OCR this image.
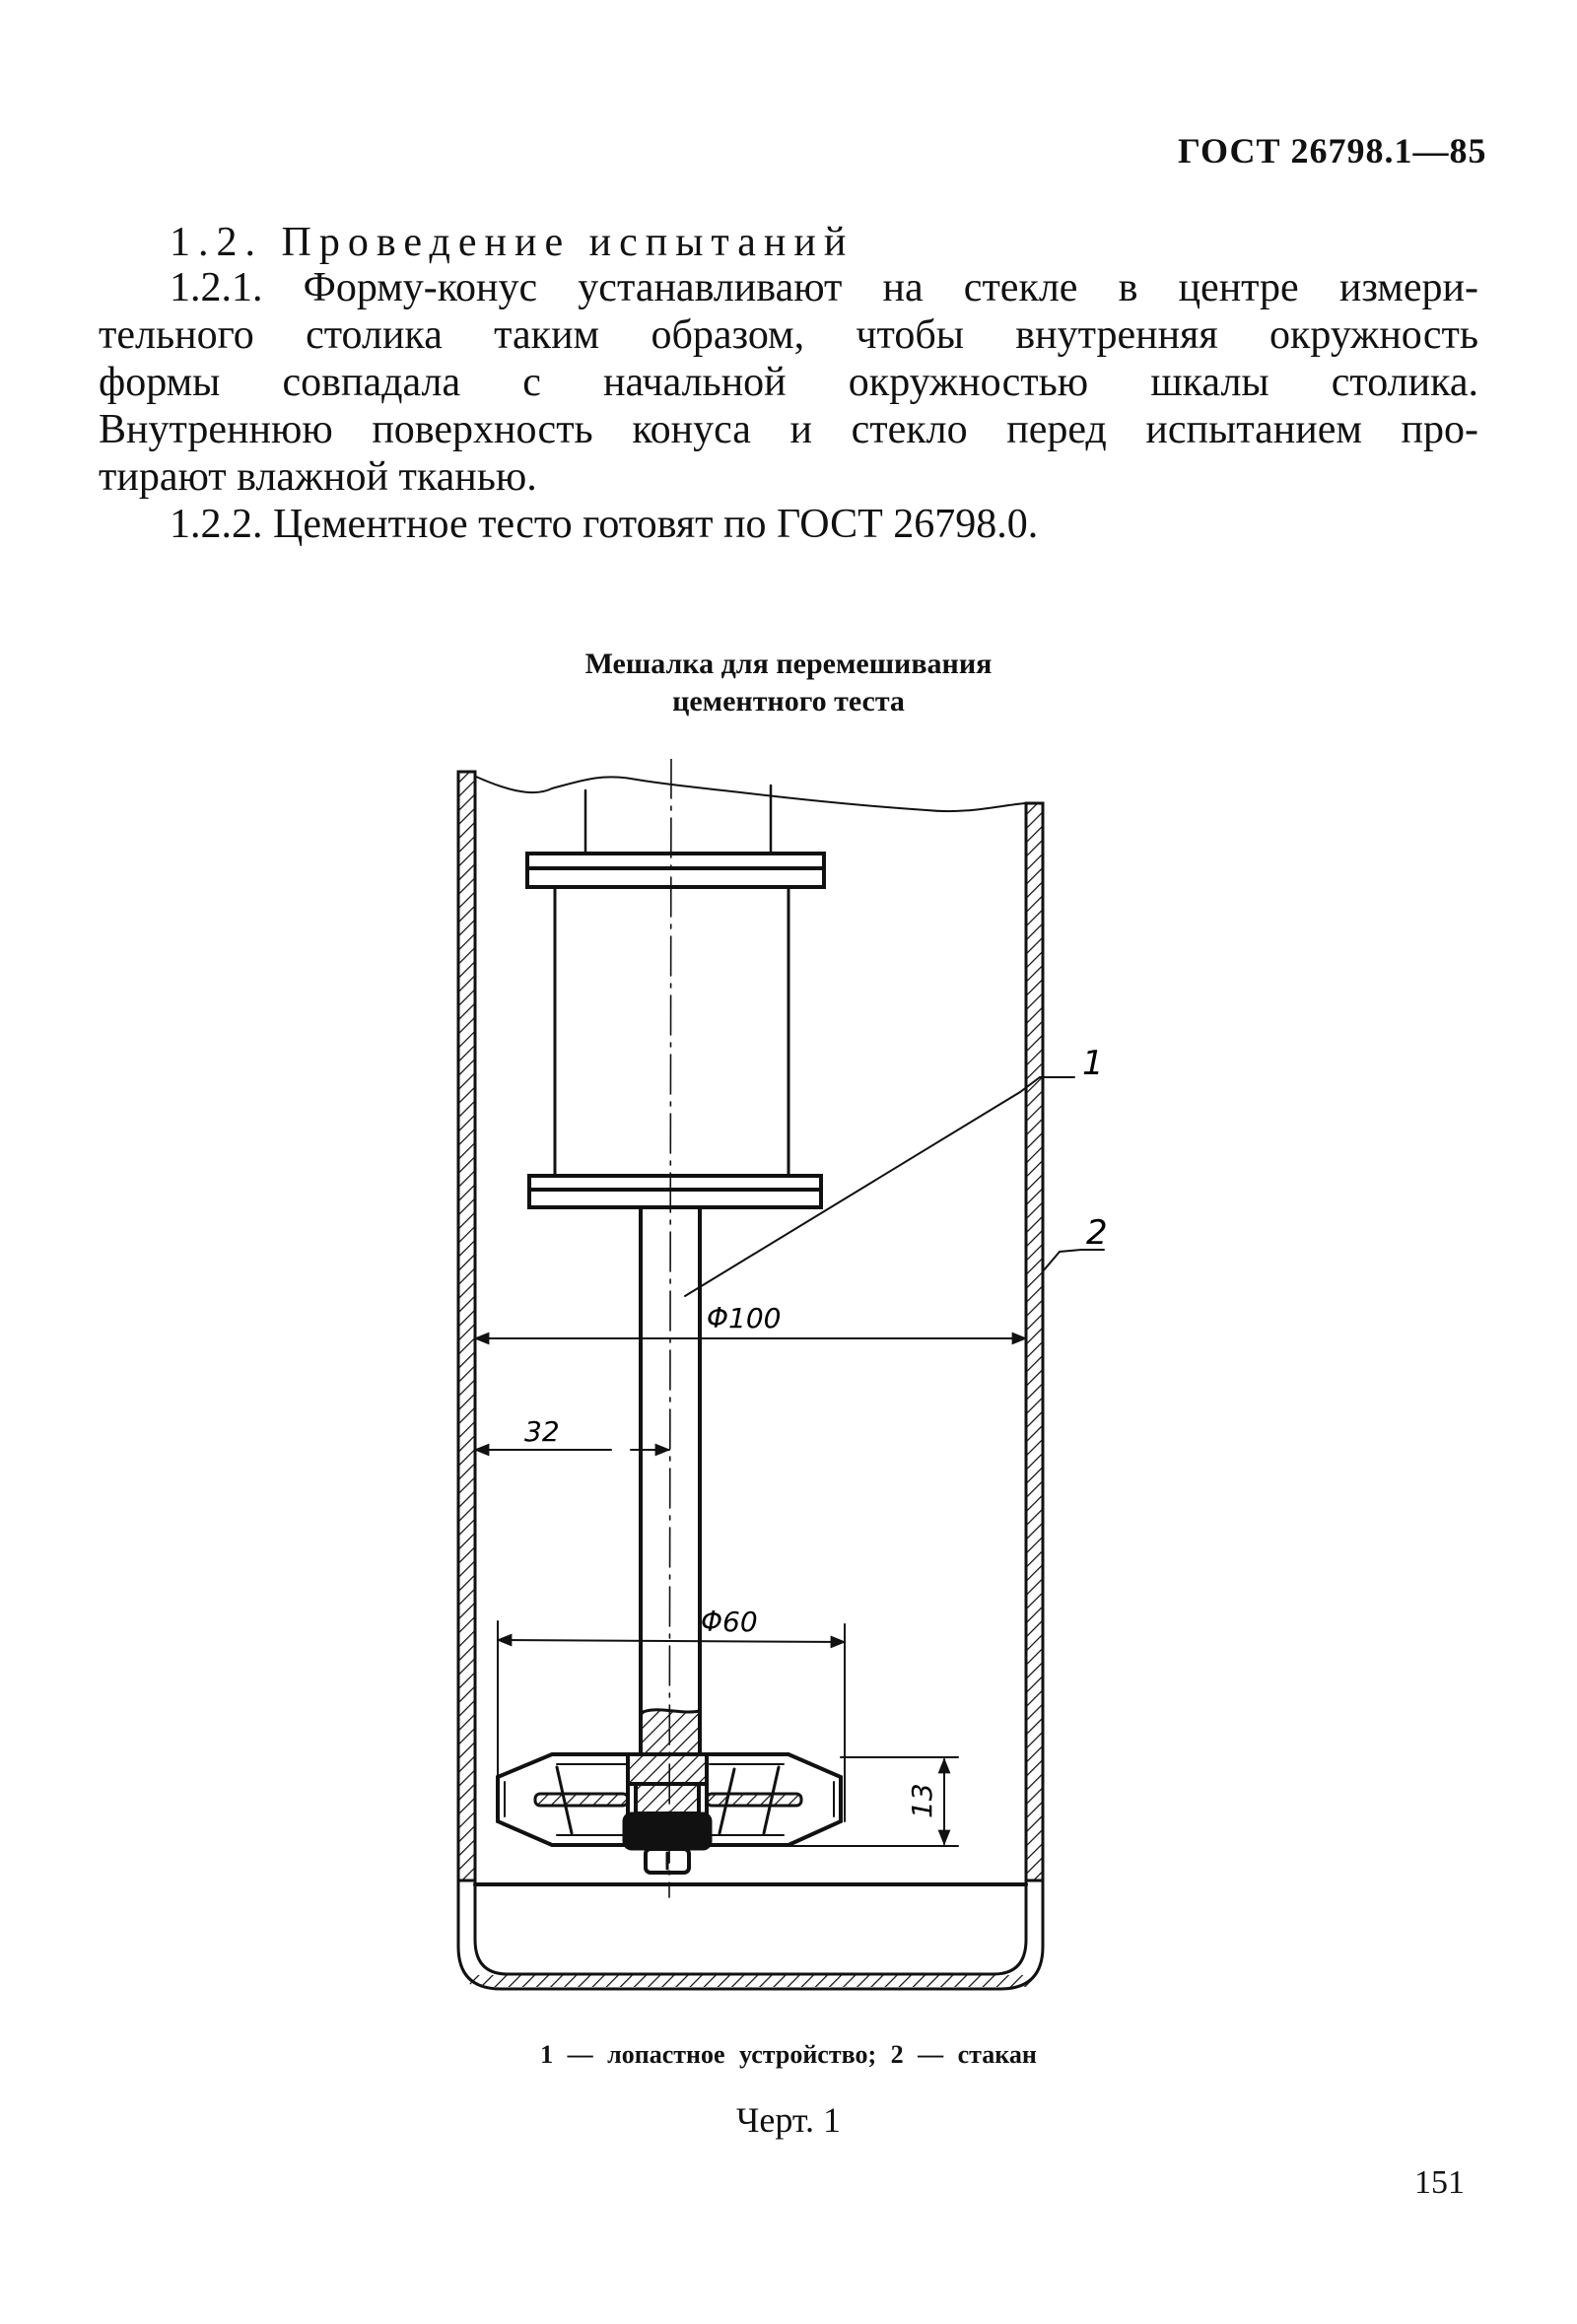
ГОСТ 26798.1—85
1.2. Проведение испытаний
1.2.1. Форму-конус устанавливают на стекле в центре измери-
тельного столика таким образом, чтобы внутренняя окружность
формы совпадала с начальной окружностью шкалы столика.
Внутреннюю поверхность конуса и стекло перед испытанием про-
тирают влажной тканью.
1.2.2. Цементное тесто готовят по ГОСТ 26798.0.
Мешалка для перемешивания
цементного теста
1
2
Φ100
32
Φ60
13
1 — лопастное устройство; 2 — стакан
Черт. 1
151
